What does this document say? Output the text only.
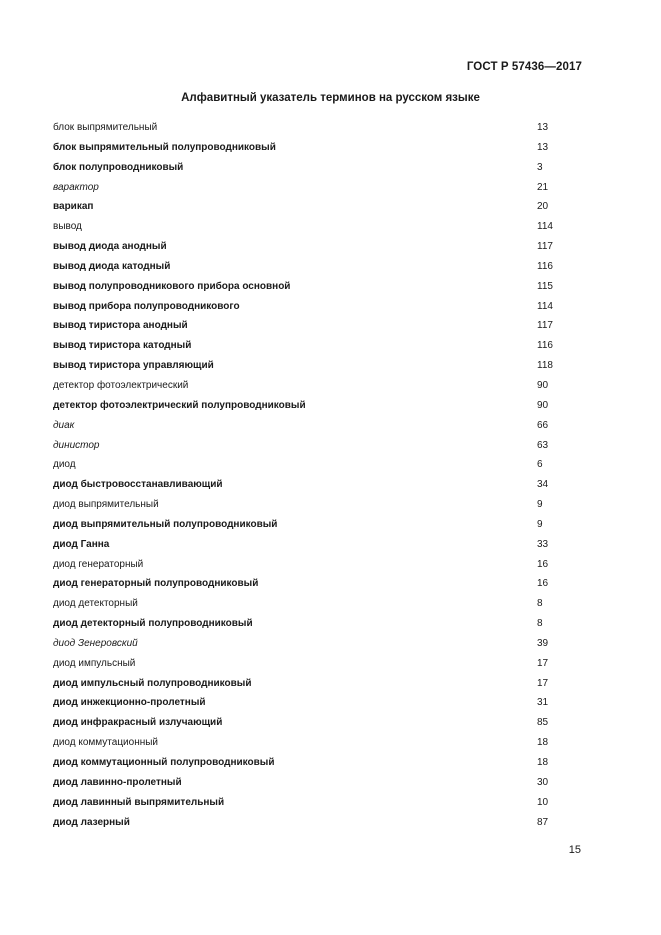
ГОСТ Р 57436—2017
Алфавитный указатель терминов на русском языке
блок выпрямительный	13
блок выпрямительный полупроводниковый	13
блок полупроводниковый	3
варактор	21
варикап	20
вывод	114
вывод диода анодный	117
вывод диода катодный	116
вывод полупроводникового прибора основной	115
вывод прибора полупроводникового	114
вывод тиристора анодный	117
вывод тиристора катодный	116
вывод тиристора управляющий	118
детектор фотоэлектрический	90
детектор фотоэлектрический полупроводниковый	90
диак	66
динистор	63
диод	6
диод быстровосстанавливающий	34
диод выпрямительный	9
диод выпрямительный полупроводниковый	9
диод Ганна	33
диод генераторный	16
диод генераторный полупроводниковый	16
диод детекторный	8
диод детекторный полупроводниковый	8
диод Зенеровский	39
диод импульсный	17
диод импульсный полупроводниковый	17
диод инжекционно-пролетный	31
диод инфракрасный излучающий	85
диод коммутационный	18
диод коммутационный полупроводниковый	18
диод лавинно-пролетный	30
диод лавинный выпрямительный	10
диод лазерный	87
15
